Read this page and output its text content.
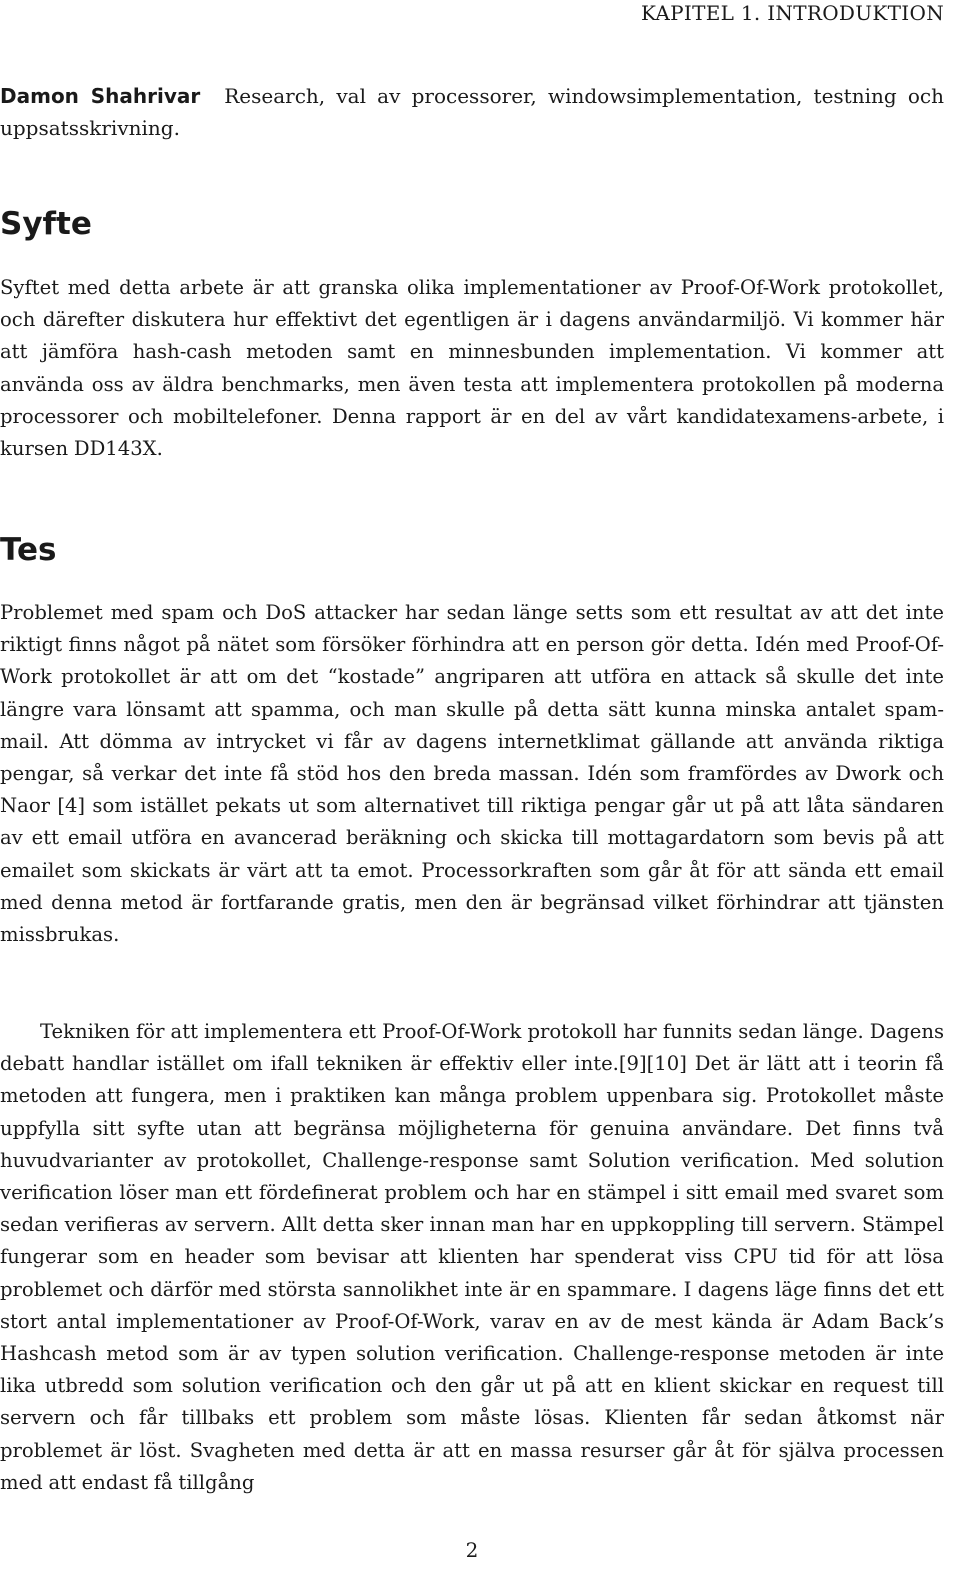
KAPITEL 1. INTRODUKTION
Damon Shahrivar Research, val av processorer, windowsimplementation, testning och uppsatsskrivning.
Syfte

Syftet med detta arbete är att granska olika implementationer av Proof-Of-Work protokollet, och därefter diskutera hur effektivt det egentligen är i dagens användarmiljö. Vi kommer här att jämföra hash-cash metoden samt en minnesbunden implementation. Vi kommer att använda oss av äldra benchmarks, men även testa att implementera protokollen på moderna processorer och mobiltelefoner. Denna rapport är en del av vårt kandidatexamens-arbete, i kursen DD143X.

Tes

Problemet med spam och DoS attacker har sedan länge setts som ett resultat av att det inte riktigt finns något på nätet som försöker förhindra att en person gör detta. Idén med Proof-Of-Work protokollet är att om det “kostade” angriparen att utföra en attack så skulle det inte längre vara lönsamt att spamma, och man skulle på detta sätt kunna minska antalet spam-mail. Att dömma av intrycket vi får av dagens internetklimat gällande att använda riktiga pengar, så verkar det inte få stöd hos den breda massan. Idén som framfördes av Dwork och Naor [4] som istället pekats ut som alternativet till riktiga pengar går ut på att låta sändaren av ett email utföra en avancerad beräkning och skicka till mottagardatorn som bevis på att emailet som skickats är värt att ta emot. Processorkraften som går åt för att sända ett email med denna metod är fortfarande gratis, men den är begränsad vilket förhindrar att tjänsten missbrukas.

Tekniken för att implementera ett Proof-Of-Work protokoll har funnits sedan länge. Dagens debatt handlar istället om ifall tekniken är effektiv eller inte.[9][10] Det är lätt att i teorin få metoden att fungera, men i praktiken kan många problem uppenbara sig. Protokollet måste uppfylla sitt syfte utan att begränsa möjligheterna för genuina användare. Det finns två huvudvarianter av protokollet, Challenge-response samt Solution verification. Med solution verification löser man ett fördefinerat problem och har en stämpel i sitt email med svaret som sedan verifieras av servern. Allt detta sker innan man har en uppkoppling till servern. Stämpel fungerar som en header som bevisar att klienten har spenderat viss CPU tid för att lösa problemet och därför med största sannolikhet inte är en spammare. I dagens läge finns det ett stort antal implementationer av Proof-Of-Work, varav en av de mest kända är Adam Back’s Hashcash metod som är av typen solution verification. Challenge-response metoden är inte lika utbredd som solution verification och den går ut på att en klient skickar en request till servern och får tillbaks ett problem som måste lösas. Klienten får sedan åtkomst när problemet är löst. Svagheten med detta är att en massa resurser går åt för själva processen med att endast få tillgång

2
